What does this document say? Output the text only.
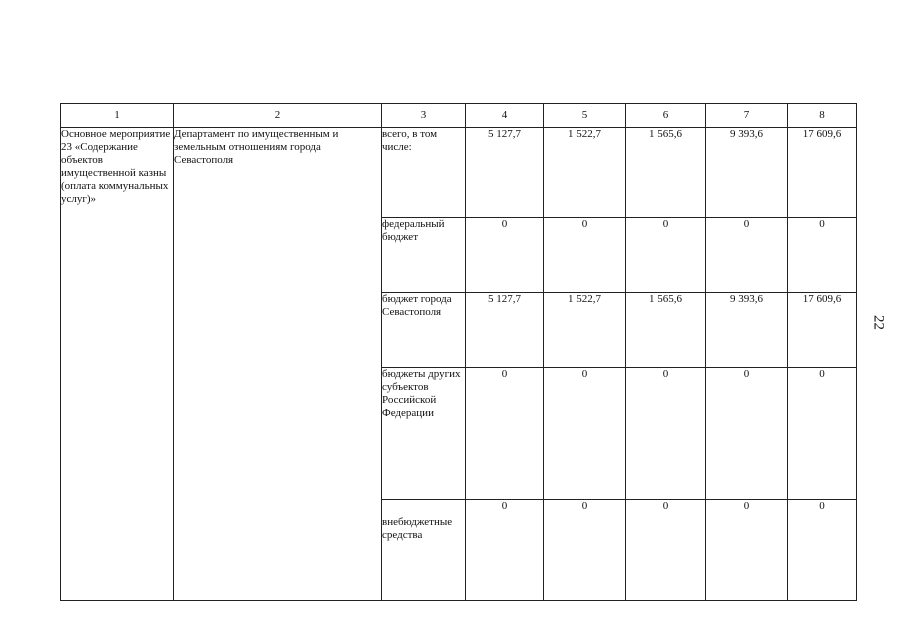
22
1	2	3	4	5	6	7	8
Основное мероприятие 23 «Содержание объектов имущественной казны (оплата коммунальных услуг)»	Департамент по имущественным и земельным отношениям города Севастополя	всего, в том числе:	5 127,7	1 522,7	1 565,6	9 393,6	17 609,6
		федеральный бюджет	0	0	0	0	0
		бюджет города Севастополя	5 127,7	1 522,7	1 565,6	9 393,6	17 609,6
		бюджеты других субъектов Российской Федерации	0	0	0	0	0
		внебюджетные средства	0	0	0	0	0
